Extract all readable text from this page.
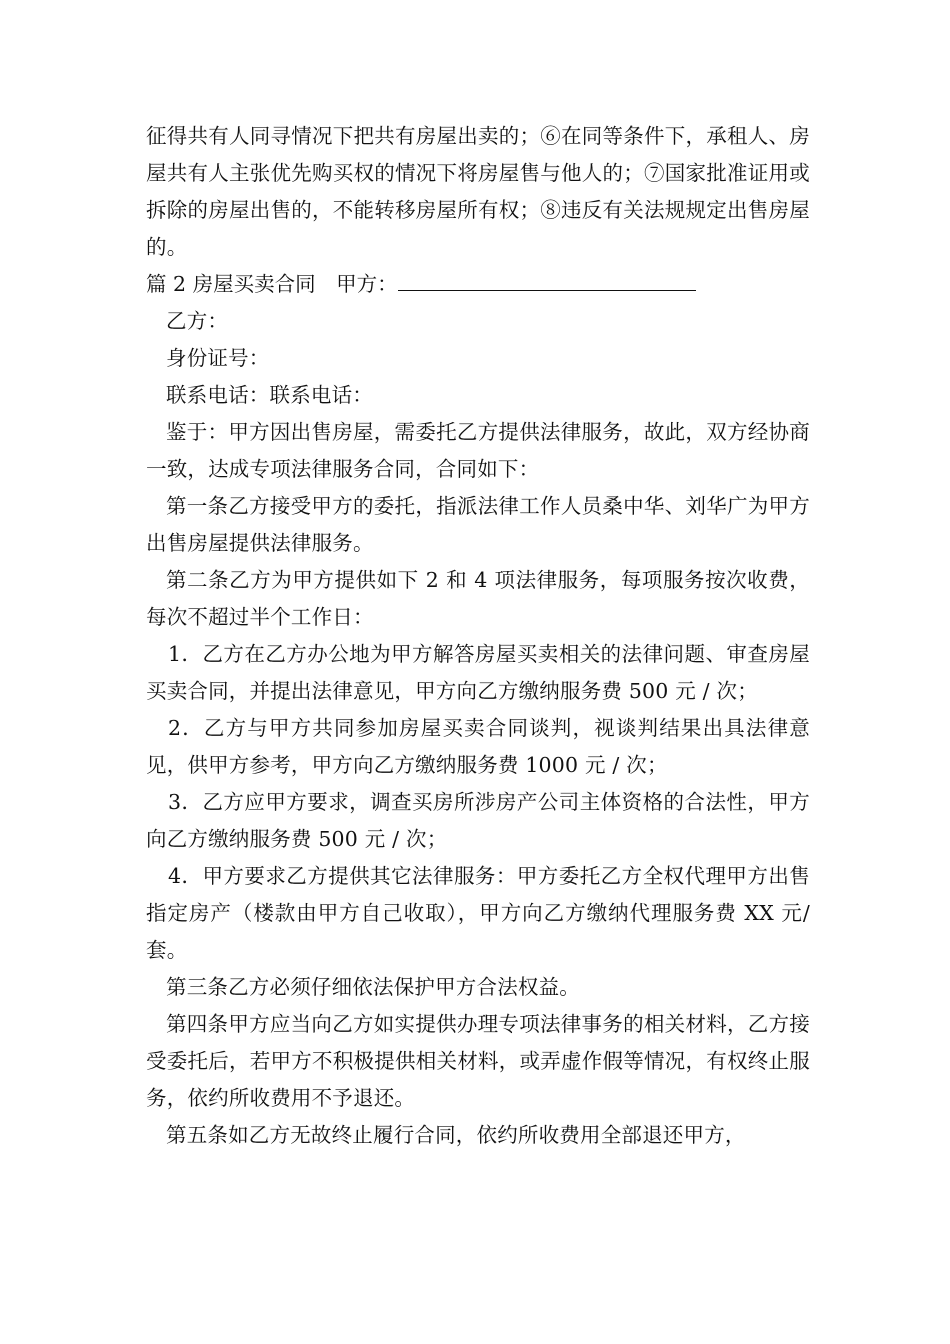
征得共有人同寻情况下把共有房屋出卖的；⑥在同等条件下，承租人、房屋共有人主张优先购买权的情况下将房屋售与他人的；⑦国家批准证用或拆除的房屋出售的，不能转移房屋所有权；⑧违反有关法规规定出售房屋的。

篇 2 房屋买卖合同　甲方：

乙方：

身份证号：

联系电话：联系电话：

鉴于：甲方因出售房屋，需委托乙方提供法律服务，故此，双方经协商一致，达成专项法律服务合同，合同如下：

第一条乙方接受甲方的委托，指派法律工作人员桑中华、刘华广为甲方出售房屋提供法律服务。

第二条乙方为甲方提供如下 2 和 4 项法律服务，每项服务按次收费，每次不超过半个工作日：

1．乙方在乙方办公地为甲方解答房屋买卖相关的法律问题、审查房屋买卖合同，并提出法律意见，甲方向乙方缴纳服务费 500 元 / 次；

2．乙方与甲方共同参加房屋买卖合同谈判，视谈判结果出具法律意见，供甲方参考，甲方向乙方缴纳服务费 1000 元 / 次；

3．乙方应甲方要求，调查买房所涉房产公司主体资格的合法性，甲方向乙方缴纳服务费 500 元 / 次；

4．甲方要求乙方提供其它法律服务：甲方委托乙方全权代理甲方出售指定房产（楼款由甲方自己收取），甲方向乙方缴纳代理服务费 XX 元/套。

第三条乙方必须仔细依法保护甲方合法权益。

第四条甲方应当向乙方如实提供办理专项法律事务的相关材料，乙方接受委托后，若甲方不积极提供相关材料，或弄虚作假等情况，有权终止服务，依约所收费用不予退还。

第五条如乙方无故终止履行合同，依约所收费用全部退还甲方，
